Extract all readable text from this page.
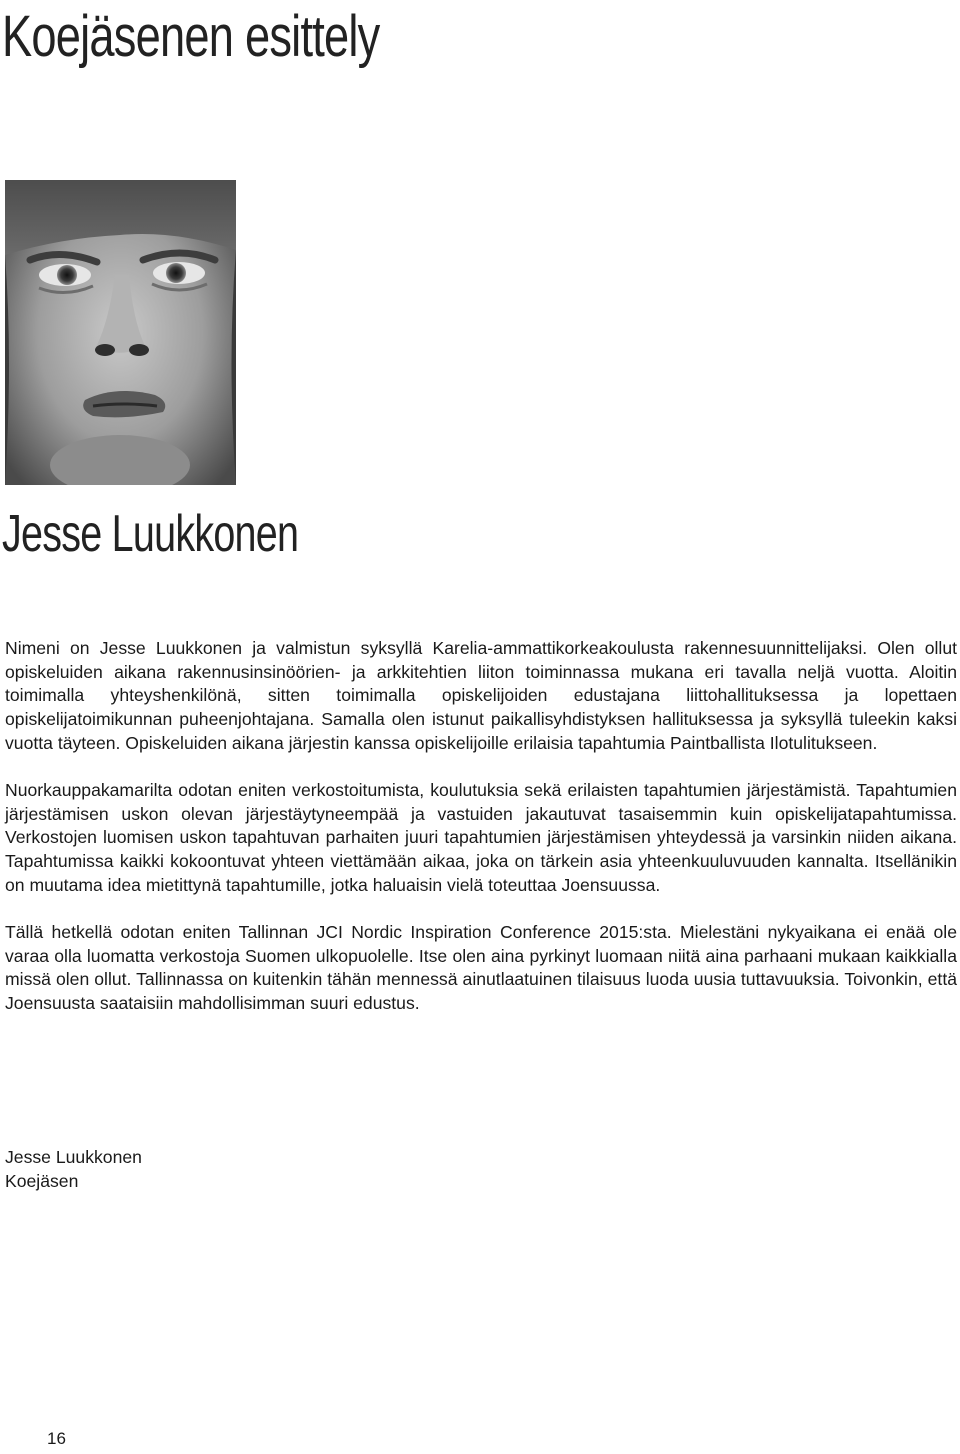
Koejäsenen esittely
Jesse Luukkonen

Nimeni on Jesse Luukkonen ja valmistun syksyllä Karelia-ammattikorkeakoulusta rakennesuunnittelijaksi. Olen ollut opiskeluiden aikana rakennusinsinöörien- ja arkkitehtien liiton toiminnassa mukana eri tavalla neljä vuotta. Aloitin toimimalla yhteyshenkilönä, sitten toimimalla opiskelijoiden edustajana liittohallituksessa ja lopettaen opiskelijatoimikunnan puheenjohtajana. Samalla olen istunut paikallisyhdistyksen hallituksessa ja syksyllä tuleekin kaksi vuotta täyteen. Opiskeluiden aikana järjestin kanssa opiskelijoille erilaisia tapahtumia Paintballista Ilotulitukseen.

Nuorkauppakamarilta odotan eniten verkostoitumista, koulutuksia sekä erilaisten tapahtumien järjestämistä. Tapahtumien järjestämisen uskon olevan järjestäytyneempää ja vastuiden jakautuvat tasaisemmin kuin opiskelijatapahtumissa. Verkostojen luomisen uskon tapahtuvan parhaiten juuri tapahtumien järjestämisen yhteydessä ja varsinkin niiden aikana. Tapahtumissa kaikki kokoontuvat yhteen viettämään aikaa, joka on tärkein asia yhteenkuuluvuuden kannalta. Itsellänikin on muutama idea mietittynä tapahtumille, jotka haluaisin vielä toteuttaa Joensuussa.

Tällä hetkellä odotan eniten Tallinnan JCI Nordic Inspiration Conference 2015:sta. Mielestäni nykyaikana ei enää ole varaa olla luomatta verkostoja Suomen ulkopuolelle. Itse olen aina pyrkinyt luomaan niitä aina parhaani mukaan kaikkialla missä olen ollut. Tallinnassa on kuitenkin tähän mennessä ainutlaatuinen tilaisuus luoda uusia tuttavuuksia. Toivonkin, että Joensuusta saataisiin mahdollisimman suuri edustus.

Jesse Luukkonen
Koejäsen
16
